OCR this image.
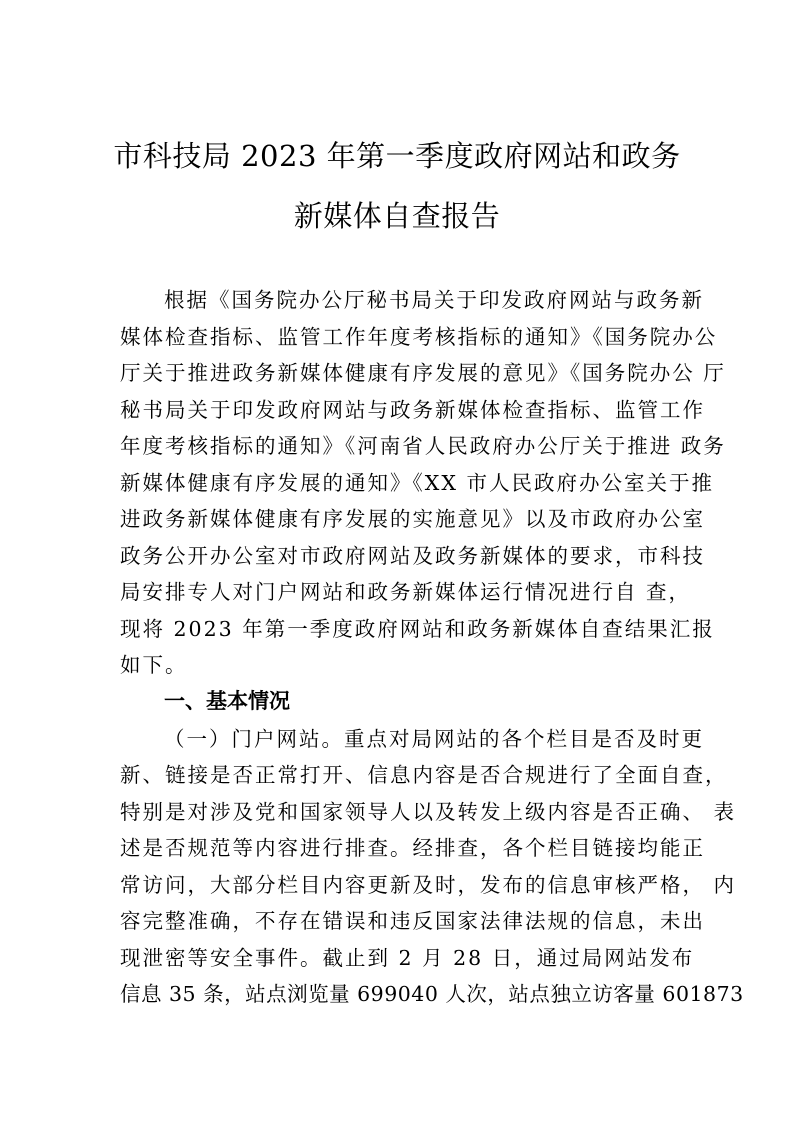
市科技局 2023 年第一季度政府网站和政务
新媒体自查报告
根据《国务院办公厅秘书局关于印发政府网站与政务新
媒体检查指标、监管工作年度考核指标的通知》《国务院办公
厅关于推进政务新媒体健康有序发展的意见》《国务院办公 厅
秘书局关于印发政府网站与政务新媒体检查指标、监管工作
年度考核指标的通知》《河南省人民政府办公厅关于推进 政务
新媒体健康有序发展的通知》《XX 市人民政府办公室关于推
进政务新媒体健康有序发展的实施意见》以及市政府办公室
政务公开办公室对市政府网站及政务新媒体的要求，市科技
局安排专人对门户网站和政务新媒体运行情况进行自 查，
现将 2023 年第一季度政府网站和政务新媒体自查结果汇报
如下。
一、基本情况
（一）门户网站。重点对局网站的各个栏目是否及时更
新、链接是否正常打开、信息内容是否合规进行了全面自查，
特别是对涉及党和国家领导人以及转发上级内容是否正确、 表
述是否规范等内容进行排查。经排查，各个栏目链接均能正
常访问，大部分栏目内容更新及时，发布的信息审核严格， 内
容完整准确，不存在错误和违反国家法律法规的信息，未出
现泄密等安全事件。截止到 2 月 28 日，通过局网站发布
信息 35 条，站点浏览量 699040 人次，站点独立访客量 601873
